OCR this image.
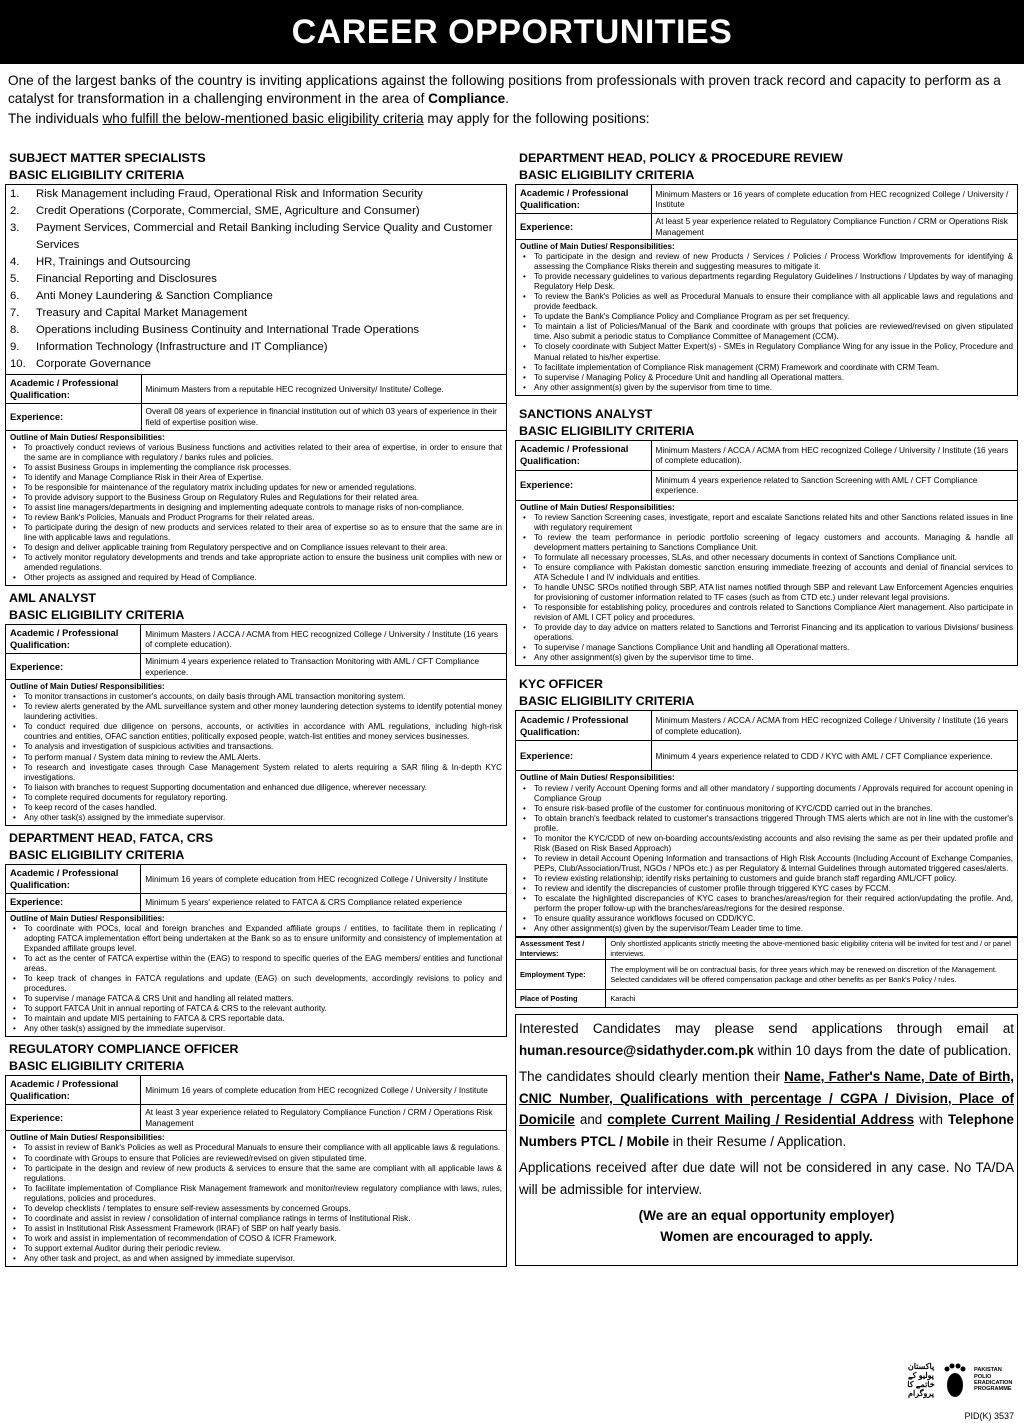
CAREER OPPORTUNITIES

One of the largest banks of the country is inviting applications against the following positions from professionals with proven track record and capacity to perform as a catalyst for transformation in a challenging environment in the area of Compliance.

The individuals who fulfill the below-mentioned basic eligibility criteria may apply for the following positions:

SUBJECT MATTER SPECIALISTS
BASIC ELIGIBILITY CRITERIA
1.	Risk Management including Fraud, Operational Risk and Information Security
2.	Credit Operations (Corporate, Commercial, SME, Agriculture and Consumer)
3.	Payment Services, Commercial and Retail Banking including Service Quality and Customer Services
4.	HR, Trainings and Outsourcing
5.	Financial Reporting and Disclosures
6.	Anti Money Laundering & Sanction Compliance
7.	Treasury and Capital Market Management
8.	Operations including Business Continuity and International Trade Operations
9.	Information Technology (Infrastructure and IT Compliance)
10. Corporate Governance
Academic / Professional Qualification:	Minimum Masters from a reputable HEC recognized University/ Institute/ College.
Experience:	Overall 08 years of experience in financial institution out of which 03 years of experience in their field of expertise position wise.
Outline of Main Duties/ Responsibilities:
• To proactively conduct reviews of various Business functions and activities related to their area of expertise, in order to ensure that the same are in compliance with regulatory / banks rules and policies.
• To assist Business Groups in implementing the compliance risk processes.
• To identify and Manage Compliance Risk in their Area of Expertise.
• To be responsible for maintenance of the regulatory matrix including updates for new or amended regulations.
• To provide advisory support to the Business Group on Regulatory Rules and Regulations for their related area.
• To assist line managers/departments in designing and implementing adequate controls to manage risks of non-compliance.
• To review Bank's Policies, Manuals and Product Programs for their related areas.
• To participate during the design of new products and services related to their area of expertise so as to ensure that the same are in line with applicable laws and regulations.
• To design and deliver applicable training from Regulatory perspective and on Compliance issues relevant to their area.
• To actively monitor regulatory developments and trends and take appropriate action to ensure the business unit complies with new or amended regulations.
• Other projects as assigned and required by Head of Compliance.
AML ANALYST
BASIC ELIGIBILITY CRITERIA
Academic / Professional Qualification:	Minimum Masters / ACCA / ACMA from HEC recognized College / University / Institute (16 years of complete education).
Experience:	Minimum 4 years experience related to Transaction Monitoring with AML / CFT Compliance experience.
Outline of Main Duties/ Responsibilities:
• To monitor transactions in customer's accounts, on daily basis through AML transaction monitoring system.
• To review alerts generated by the AML surveillance system and other money laundering detection systems to identify potential money laundering activities.
• To conduct required due diligence on persons, accounts, or activities in accordance with AML regulations, including high-risk countries and entities, OFAC sanction entities, politically exposed people, watch-list entities and money services businesses.
• To analysis and investigation of suspicious activities and transactions.
• To perform manual / System data mining to review the AML Alerts.
• To research and investigate cases through Case Management System related to alerts requiring a SAR filing & In-depth KYC investigations.
• To liaison with branches to request Supporting documentation and enhanced due diligence, wherever necessary.
• To complete required documents for regulatory reporting.
• To keep record of the cases handled.
• Any other task(s) assigned by the immediate supervisor.
DEPARTMENT HEAD, FATCA, CRS
BASIC ELIGIBILITY CRITERIA
Academic / Professional Qualification:	Minimum 16 years of complete education from HEC recognized College / University / Institute
Experience:	Minimum 5 years' experience related to FATCA & CRS Compliance related experience
Outline of Main Duties/ Responsibilities:
• To coordinate with POCs, local and foreign branches and Expanded affiliate groups / entities, to facilitate them in replicating / adopting FATCA implementation effort being undertaken at the Bank so as to ensure uniformity and consistency of implementation at Expanded affiliate groups level.
• To act as the center of FATCA expertise within the (EAG) to respond to specific queries of the EAG members/ entities and functional areas.
• To keep track of changes in FATCA regulations and update (EAG) on such developments, accordingly revisions to policy and procedures.
• To supervise / manage FATCA & CRS Unit and handling all related matters.
• To support FATCA Unit in annual reporting of FATCA & CRS to the relevant authority.
• To maintain and update MIS pertaining to FATCA & CRS reportable data.
• Any other task(s) assigned by the immediate supervisor.
REGULATORY COMPLIANCE OFFICER
BASIC ELIGIBILITY CRITERIA
Academic / Professional Qualification:	Minimum 16 years of complete education from HEC recognized College / University / Institute
Experience:	At least 3 year experience related to Regulatory Compliance Function / CRM / Operations Risk Management
Outline of Main Duties/ Responsibilities:
• To assist in review of Bank's Policies as well as Procedural Manuals to ensure their compliance with all applicable laws & regulations.
• To coordinate with Groups to ensure that Policies are reviewed/revised on given stipulated time.
• To participate in the design and review of new products & services to ensure that the same are compliant with all applicable laws & regulations.
• To facilitate implementation of Compliance Risk Management framework and monitor/review regulatory compliance with laws, rules, regulations, policies and procedures.
• To develop checklists / templates to ensure self-review assessments by concerned Groups.
• To coordinate and assist in review / consolidation of internal compliance ratings in terms of Institutional Risk.
• To assist in Institutional Risk Assessment Framework (IRAF) of SBP on half yearly basis.
• To work and assist in implementation of recommendation of COSO & ICFR Framework.
• To support external Auditor during their periodic review.
• Any other task and project, as and when assigned by immediate supervisor.
DEPARTMENT HEAD, POLICY & PROCEDURE REVIEW
BASIC ELIGIBILITY CRITERIA
Academic / Professional Qualification:	Minimum Masters or 16 years of complete education from HEC recognized College / University / Institute
Experience:	At least 5 year experience related to Regulatory Compliance Function / CRM or Operations Risk Management
Outline of Main Duties/ Responsibilities:
• To participate in the design and review of new Products / Services / Policies / Process Workflow Improvements for identifying & assessing the Compliance Risks therein and suggesting measures to mitigate it.
• To provide necessary guidelines to various departments regarding Regulatory Guidelines / Instructions / Updates by way of managing Regulatory Help Desk.
• To review the Bank's Policies as well as Procedural Manuals to ensure their compliance with all applicable laws and regulations and provide feedback.
• To update the Bank's Compliance Policy and Compliance Program as per set frequency.
• To maintain a list of Policies/Manual of the Bank and coordinate with groups that policies are reviewed/revised on given stipulated time. Also submit a periodic status to Compliance Committee of Management (CCM).
• To closely coordinate with Subject Matter Expert(s) - SMEs in Regulatory Compliance Wing for any issue in the Policy, Procedure and Manual related to his/her expertise.
• To facilitate implementation of Compliance Risk management (CRM) Framework and coordinate with CRM Team.
• To supervise / Managing Policy & Procedure Unit and handling all Operational matters.
• Any other assignment(s) given by the supervisor from time to time.
SANCTIONS ANALYST
BASIC ELIGIBILITY CRITERIA
Academic / Professional Qualification:	Minimum Masters / ACCA / ACMA from HEC recognized College / University / Institute (16 years of complete education).
Experience:	Minimum 4 years experience related to Sanction Screening with AML / CFT Compliance experience.
Outline of Main Duties/ Responsibilities:
• To review Sanction Screening cases, investigate, report and escalate Sanctions related hits and other Sanctions related issues in line with regulatory requirement
• To review the team performance in periodic portfolio screening of legacy customers and accounts. Managing & handle all development matters pertaining to Sanctions Compliance Unit.
• To formulate all necessary processes, SLAs, and other necessary documents in context of Sanctions Compliance unit.
• To ensure compliance with Pakistan domestic sanction ensuring immediate freezing of accounts and denial of financial services to ATA Schedule I and IV individuals and entities.
• To handle UNSC SROs notified through SBP, ATA list names notified through SBP and relevant Law Enforcement Agencies enquiries for provisioning of customer information related to TF cases (such as from CTD etc.) under relevant legal provisions.
• To responsible for establishing policy, procedures and controls related to Sanctions Compliance Alert management. Also participate in revision of AML I CFT policy and procedures.
• To provide day to day advice on matters related to Sanctions and Terrorist Financing and its application to various Divisions/ business operations.
• To supervise / manage Sanctions Compliance Unit and handling all Operational matters.
• Any other assignment(s) given by the supervisor time to time.
KYC OFFICER
BASIC ELIGIBILITY CRITERIA
Academic / Professional Qualification:	Minimum Masters / ACCA / ACMA from HEC recognized College / University / Institute (16 years of complete education).
Experience:	Minimum 4 years experience related to CDD / KYC with AML / CFT Compliance experience.
Outline of Main Duties/ Responsibilities:
• To review / verify Account Opening forms and all other mandatory / supporting documents / Approvals required for account opening in Compliance Group
• To ensure risk-based profile of the customer for continuous monitoring of KYC/CDD carried out in the branches.
• To obtain branch's feedback related to customer's transactions triggered Through TMS alerts which are not in line with the customer's profile.
• To monitor the KYC/CDD of new on-boarding accounts/existing accounts and also revising the same as per their updated profile and Risk (Based on Risk Based Approach)
• To review in detail Account Opening Information and transactions of High Risk Accounts (Including Account of Exchange Companies, PEPs, Club/Association/Trust, NGOs / NPOs etc.) as per Regulatory & Internal Guidelines through automated triggered cases/alerts.
• To review existing relationship; identify risks pertaining to customers and guide branch staff regarding AML/CFT policy.
• To review and identify the discrepancies of customer profile through triggered KYC cases by FCCM.
• To escalate the highlighted discrepancies of KYC cases to branches/areas/region for their required action/updating the profile. And, perform the proper follow-up with the branches/areas/regions for the desired response.
• To ensure quality assurance workflows focused on CDD/KYC.
• Any other assignment(s) given by the supervisor/Team Leader time to time.
Assessment Test / Interviews:	Only shortlisted applicants strictly meeting the above-mentioned basic eligibility criteria will be invited for test and / or panel interviews.
Employment Type:	The employment will be on contractual basis, for three years which may be renewed on discretion of the Management. Selected candidates will be offered compensation package and other benefits as per Bank's Policy / rules.
Place of Posting	Karachi

Interested Candidates may please send applications through email at human.resource@sidathyder.com.pk within 10 days from the date of publication.

The candidates should clearly mention their Name, Father's Name, Date of Birth, CNIC Number, Qualifications with percentage / CGPA / Division, Place of Domicile and complete Current Mailing / Residential Address with Telephone Numbers PTCL / Mobile in their Resume / Application.

Applications received after due date will not be considered in any case. No TA/DA will be admissible for interview.

(We are an equal opportunity employer)
Women are encouraged to apply.
پاکستان پولیو کے خاتمے کا پروگرام
PAKISTAN POLIO ERADICATION PROGRAMME
PID(K) 3537
